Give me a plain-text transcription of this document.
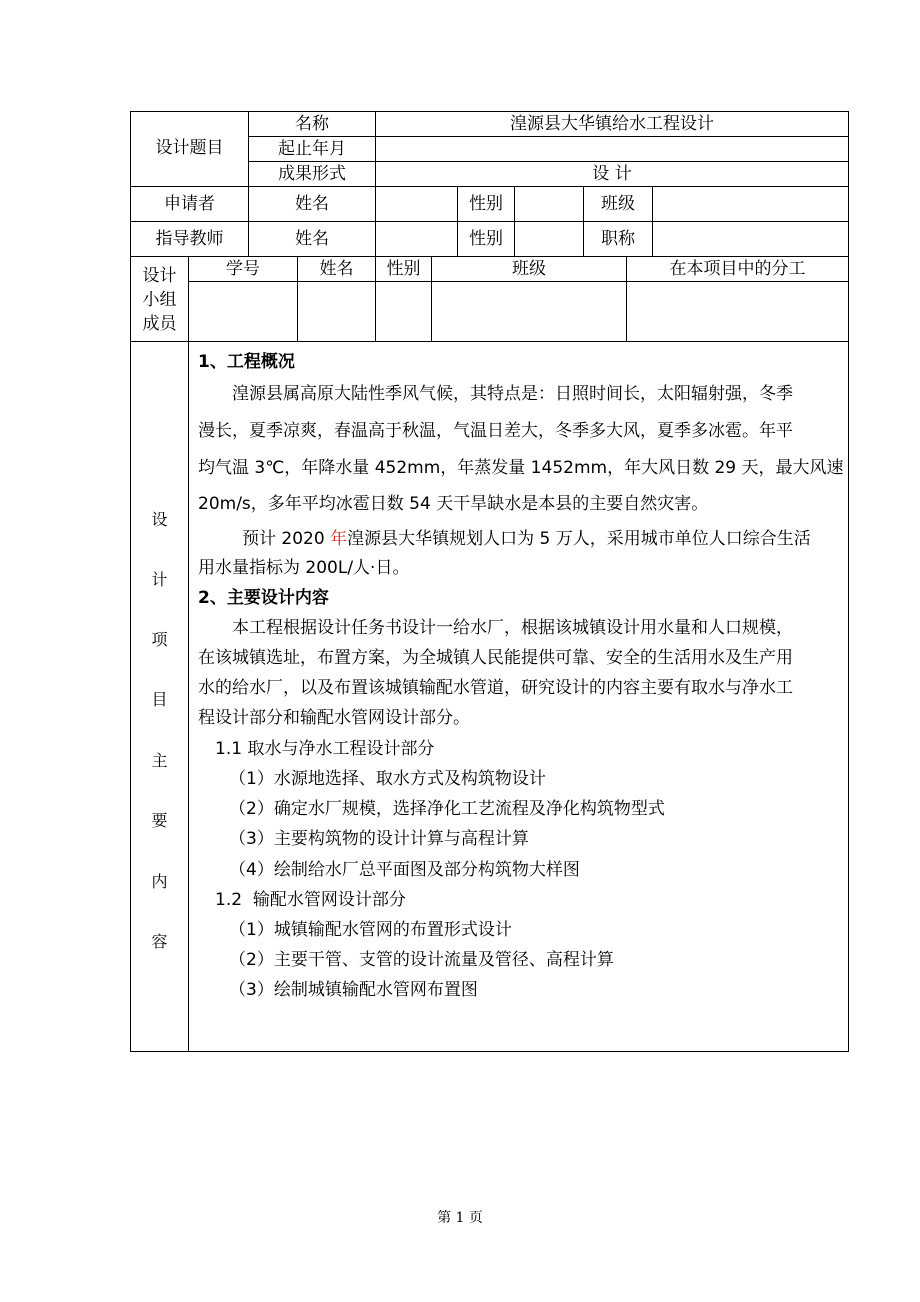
设计题目
名称	湟源县大华镇给水工程设计
起止年月
成果形式	设 计
申请者	姓名	性别	班级
指导教师	姓名	性别	职称
设计
小组
成员
学号	姓名	性别	班级	在本项目中的分工
设
计
项
目
主
要
内
容
1、工程概况
湟源县属高原大陆性季风气候，其特点是：日照时间长，太阳辐射强，冬季
漫长，夏季凉爽，春温高于秋温，气温日差大，冬季多大风，夏季多冰雹。年平
均气温 3℃，年降水量 452mm，年蒸发量 1452mm，年大风日数 29 天，最大风速
20m/s，多年平均冰雹日数 54 天干旱缺水是本县的主要自然灾害。
预计 2020 年湟源县大华镇规划人口为 5 万人，采用城市单位人口综合生活
用水量指标为 200L/人·日。
2、主要设计内容
本工程根据设计任务书设计一给水厂，根据该城镇设计用水量和人口规模，
在该城镇选址，布置方案，为全城镇人民能提供可靠、安全的生活用水及生产用
水的给水厂，以及布置该城镇输配水管道，研究设计的内容主要有取水与净水工
程设计部分和输配水管网设计部分。
1.1 取水与净水工程设计部分
（1）水源地选择、取水方式及构筑物设计
（2）确定水厂规模，选择净化工艺流程及净化构筑物型式
（3）主要构筑物的设计计算与高程计算
（4）绘制给水厂总平面图及部分构筑物大样图
1.2  输配水管网设计部分
（1）城镇输配水管网的布置形式设计
（2）主要干管、支管的设计流量及管径、高程计算
（3）绘制城镇输配水管网布置图
第 1 页
